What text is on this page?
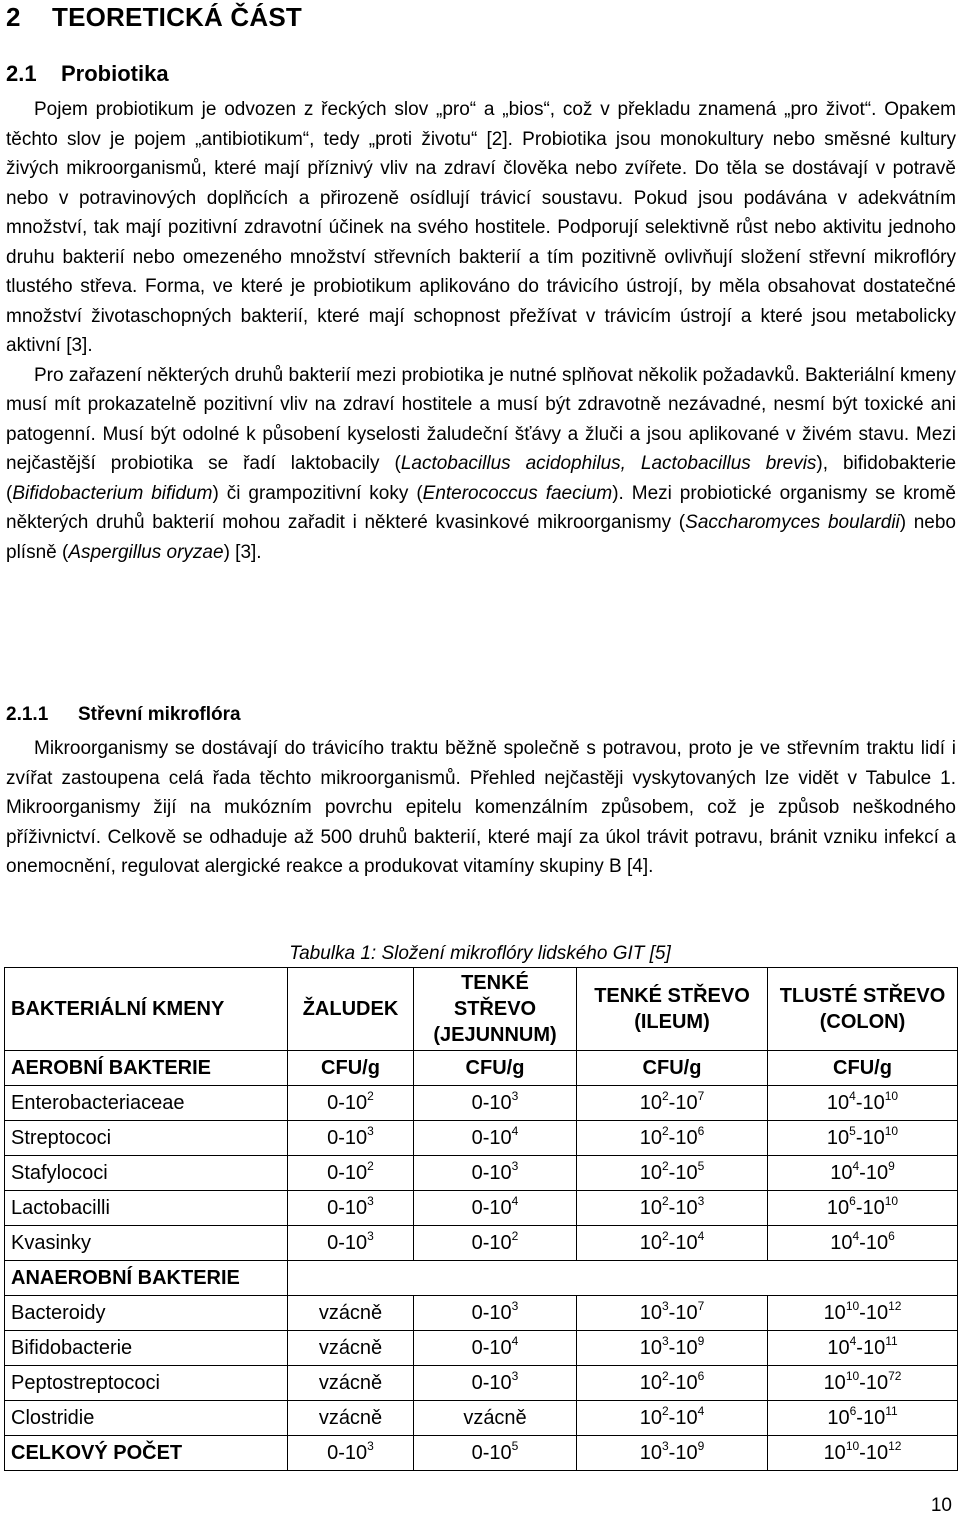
2 TEORETICKÁ ČÁST
2.1 Probiotika

Pojem probiotikum je odvozen z řeckých slov „pro“ a „bios“, což v překladu znamená „pro život“. Opakem těchto slov je pojem „antibiotikum“, tedy „proti životu“ [2]. Probiotika jsou monokultury nebo směsné kultury živých mikroorganismů, které mají příznivý vliv na zdraví člověka nebo zvířete. Do těla se dostávají v potravě nebo v potravinových doplňcích a přirozeně osídlují trávicí soustavu. Pokud jsou podávána v adekvátním množství, tak mají pozitivní zdravotní účinek na svého hostitele. Podporují selektivně růst nebo aktivitu jednoho druhu bakterií nebo omezeného množství střevních bakterií a tím pozitivně ovlivňují složení střevní mikroflóry tlustého střeva. Forma, ve které je probiotikum aplikováno do trávicího ústrojí, by měla obsahovat dostatečné množství životaschopných bakterií, které mají schopnost přežívat v trávicím ústrojí a které jsou metabolicky aktivní [3].

Pro zařazení některých druhů bakterií mezi probiotika je nutné splňovat několik požadavků. Bakteriální kmeny musí mít prokazatelně pozitivní vliv na zdraví hostitele a musí být zdravotně nezávadné, nesmí být toxické ani patogenní. Musí být odolné k působení kyselosti žaludeční šťávy a žluči a jsou aplikované v živém stavu. Mezi nejčastější probiotika se řadí laktobacily (Lactobacillus acidophilus, Lactobacillus brevis), bifidobakterie (Bifidobacterium bifidum) či grampozitivní koky (Enterococcus faecium). Mezi probiotické organismy se kromě některých druhů bakterií mohou zařadit i některé kvasinkové mikroorganismy (Saccharomyces boulardii) nebo plísně (Aspergillus oryzae) [3].

2.1.1 Střevní mikroflóra

Mikroorganismy se dostávají do trávicího traktu běžně společně s potravou, proto je ve střevním traktu lidí i zvířat zastoupena celá řada těchto mikroorganismů. Přehled nejčastěji vyskytovaných lze vidět v Tabulce 1. Mikroorganismy žijí na mukózním povrchu epitelu komenzálním způsobem, což je způsob neškodného příživnictví. Celkově se odhaduje až 500 druhů bakterií, které mají za úkol trávit potravu, bránit vzniku infekcí a onemocnění, regulovat alergické reakce a produkovat vitamíny skupiny B [4].

Tabulka 1: Složení mikroflóry lidského GIT [5]
BAKTERIÁLNÍ KMENY	ŽALUDEK	TENKÉ STŘEVO (JEJUNNUM)	TENKÉ STŘEVO (ILEUM)	TLUSTÉ STŘEVO (COLON)
AEROBNÍ BAKTERIE	CFU/g	CFU/g	CFU/g	CFU/g
Enterobacteriaceae	$0-10^2$	$0-10^3$	$10^2-10^7$	$10^4-10^{10}$
Streptococi	$0-10^3$	$0-10^4$	$10^2-10^6$	$10^5-10^{10}$
Stafylococi	$0-10^2$	$0-10^3$	$10^2-10^5$	$10^4-10^9$
Lactobacilli	$0-10^3$	$0-10^4$	$10^2-10^3$	$10^6-10^{10}$
Kvasinky	$0-10^3$	$0-10^2$	$10^2-10^4$	$10^4-10^6$
ANAEROBNÍ BAKTERIE				
Bacteroidy	vzácně	$0-10^3$	$10^3-10^7$	$10^{10}-10^{12}$
Bifidobacterie	vzácně	$0-10^4$	$10^3-10^9$	$10^4-10^{11}$
Peptostreptococi	vzácně	$0-10^3$	$10^2-10^6$	$10^{10}-10^{72}$
Clostridie	vzácně	vzácně	$10^2-10^4$	$10^6-10^{11}$
CELKOVÝ POČET	$0-10^3$	$0-10^5$	$10^3-10^9$	$10^{10}-10^{12}$
10
